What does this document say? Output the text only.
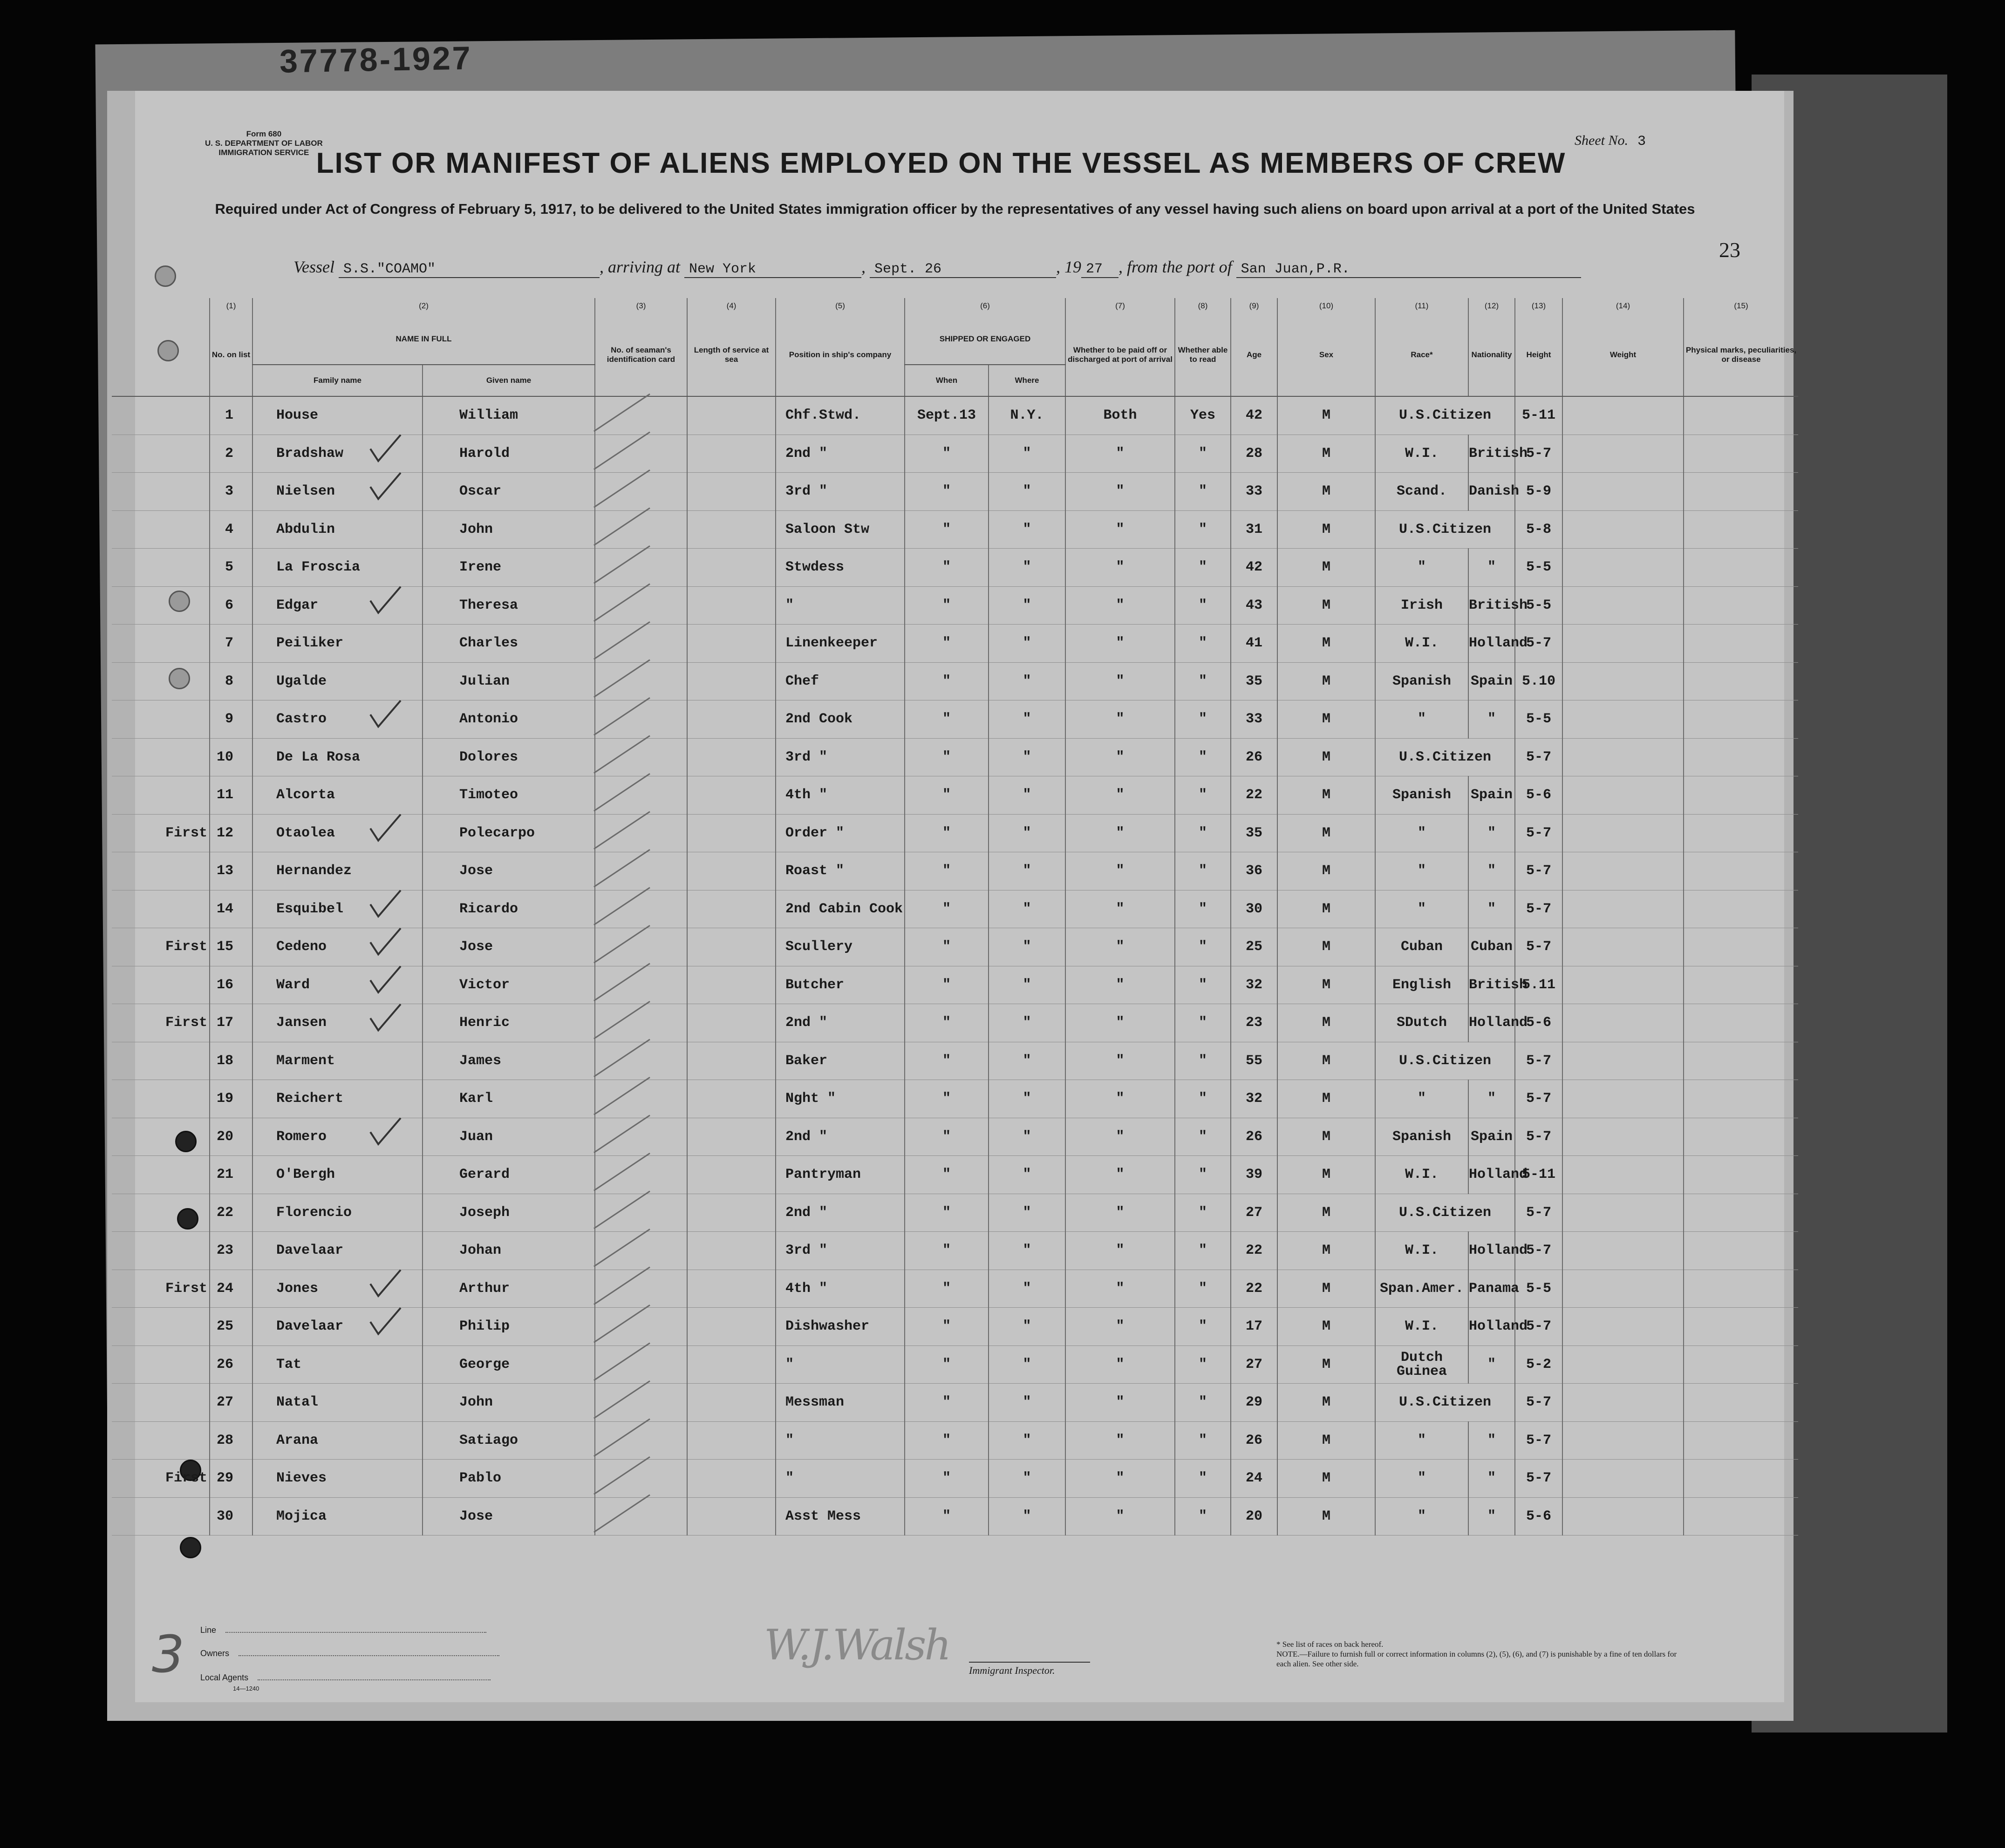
37778-1927
Form 680
U. S. DEPARTMENT OF LABOR
IMMIGRATION SERVICE
Sheet No. 3
LIST OR MANIFEST OF ALIENS EMPLOYED ON THE VESSEL AS MEMBERS OF CREW
Required under Act of Congress of February 5, 1917, to be delivered to the United States immigration officer by the representatives of any vessel having such aliens on board upon arrival at a port of the United States
23
Vessel S.S."COAMO"	, arriving at New York	, Sept. 26	, 19 27 , from the port of San Juan,P.R.
	(1)	(2)		(3)	(4)	(5)	(6)		(7)	(8)	(9)	(10)	(11)	(12)	(13)	(14)	(15)
	No. on list	NAME IN FULL		No. of seaman's identification card	Length of service at sea	Position in ship's company	SHIPPED OR ENGAGED		Whether to be paid off or discharged at port of arrival	Whether able to read	Age	Sex	Race*	Nationality	Height	Weight	Physical marks, peculiarities, or disease
		Family name	Given name				When	Where									
	1	House	William			Chf.Stwd.	Sept.13	N.Y.	Both	Yes	42	M	U.S.Citizen		5-11		
	2	Bradshaw	Harold			2nd "	"	"	"	"	28	M	W.I.	British	5-7		
	3	Nielsen	Oscar			3rd "	"	"	"	"	33	M	Scand.	Danish	5-9		
	4	Abdulin	John			Saloon Stw	"	"	"	"	31	M	U.S.Citizen		5-8		
	5	La Froscia	Irene			Stwdess	"	"	"	"	42	M	"	"	5-5		
	6	Edgar	Theresa			"	"	"	"	"	43	M	Irish	British	5-5		
	7	Peiliker	Charles			Linenkeeper	"	"	"	"	41	M	W.I.	Holland	5-7		
	8	Ugalde	Julian			Chef	"	"	"	"	35	M	Spanish	Spain	5.10		
	9	Castro	Antonio			2nd Cook	"	"	"	"	33	M	"	"	5-5		
	10	De La Rosa	Dolores			3rd "	"	"	"	"	26	M	U.S.Citizen		5-7		
	11	Alcorta	Timoteo			4th "	"	"	"	"	22	M	Spanish	Spain	5-6		
First	12	Otaolea	Polecarpo			Order "	"	"	"	"	35	M	"	"	5-7		
	13	Hernandez	Jose			Roast "	"	"	"	"	36	M	"	"	5-7		
	14	Esquibel	Ricardo			2nd Cabin Cook	"	"	"	"	30	M	"	"	5-7		
First	15	Cedeno	Jose			Scullery	"	"	"	"	25	M	Cuban	Cuban	5-7		
	16	Ward	Victor			Butcher	"	"	"	"	32	M	English	British	5.11		
First	17	Jansen	Henric			2nd "	"	"	"	"	23	M	SDutch	Holland	5-6		
	18	Marment	James			Baker	"	"	"	"	55	M	U.S.Citizen		5-7		
	19	Reichert	Karl			Nght "	"	"	"	"	32	M	"	"	5-7		
	20	Romero	Juan			2nd "	"	"	"	"	26	M	Spanish	Spain	5-7		
	21	O'Bergh	Gerard			Pantryman	"	"	"	"	39	M	W.I.	Holland	5-11		
	22	Florencio	Joseph			2nd "	"	"	"	"	27	M	U.S.Citizen		5-7		
	23	Davelaar	Johan			3rd "	"	"	"	"	22	M	W.I.	Holland	5-7		
First	24	Jones	Arthur			4th "	"	"	"	"	22	M	Span.Amer.	Panama	5-5		
	25	Davelaar	Philip			Dishwasher	"	"	"	"	17	M	W.I.	Holland	5-7		
	26	Tat	George			"	"	"	"	"	27	M	Dutch Guinea	"	5-2		
	27	Natal	John			Messman	"	"	"	"	29	M	U.S.Citizen		5-7		
	28	Arana	Satiago			"	"	"	"	"	26	M	"	"	5-7		
First	29	Nieves	Pablo			"	"	"	"	"	24	M	"	"	5-7		
	30	Mojica	Jose			Asst Mess	"	"	"	"	20	M	"	"	5-6		
Line
Owners
Local Agents
14—1240
3	W.J.Walsh
Immigrant Inspector.
* See list of races on back hereof.
NOTE.—Failure to furnish full or correct information in columns (2), (5), (6), and (7) is punishable by a fine of ten dollars for each alien. See other side.
